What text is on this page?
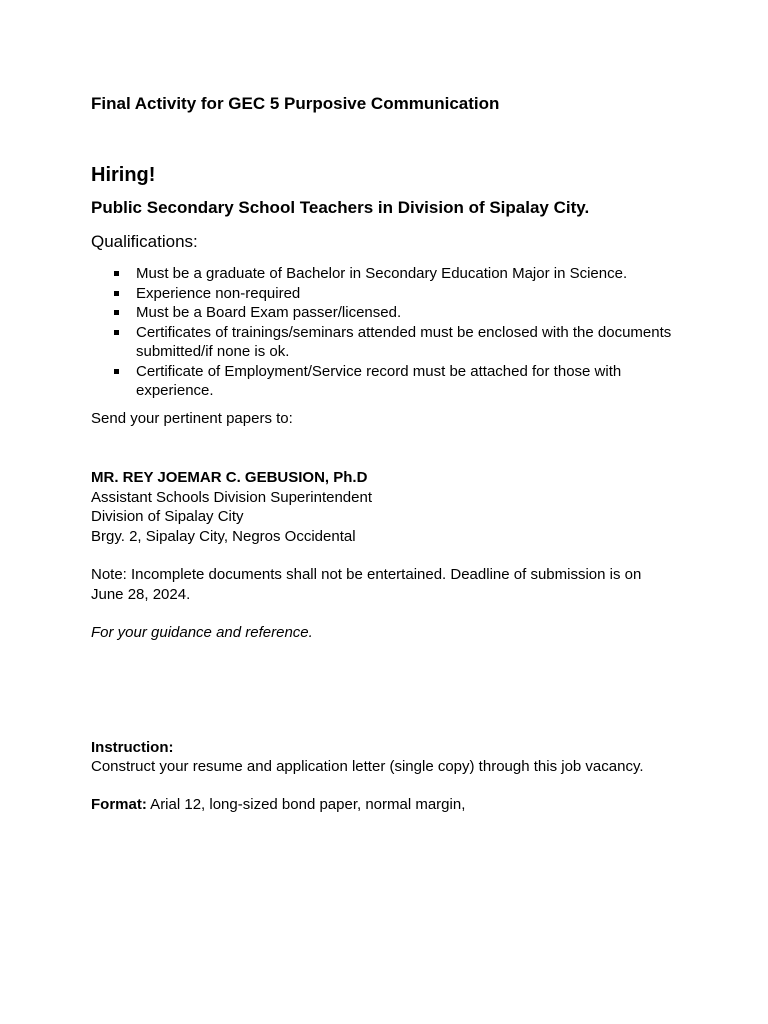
Final Activity for GEC 5 Purposive Communication
Hiring!
Public Secondary School Teachers in Division of Sipalay City.

Qualifications:

Must be a graduate of Bachelor in Secondary Education Major in Science.
Experience non-required
Must be a Board Exam passer/licensed.
Certificates of trainings/seminars attended must be enclosed with the documents submitted/if none is ok.
Certificate of Employment/Service record must be attached for those with experience.

Send your pertinent papers to:

MR. REY JOEMAR C. GEBUSION, Ph.D
Assistant Schools Division Superintendent
Division of Sipalay City
Brgy. 2, Sipalay City, Negros Occidental

Note: Incomplete documents shall not be entertained. Deadline of submission is on June 28, 2024.

For your guidance and reference.

Instruction:

Construct your resume and application letter (single copy) through this job vacancy.

Format: Arial 12, long-sized bond paper, normal margin,
